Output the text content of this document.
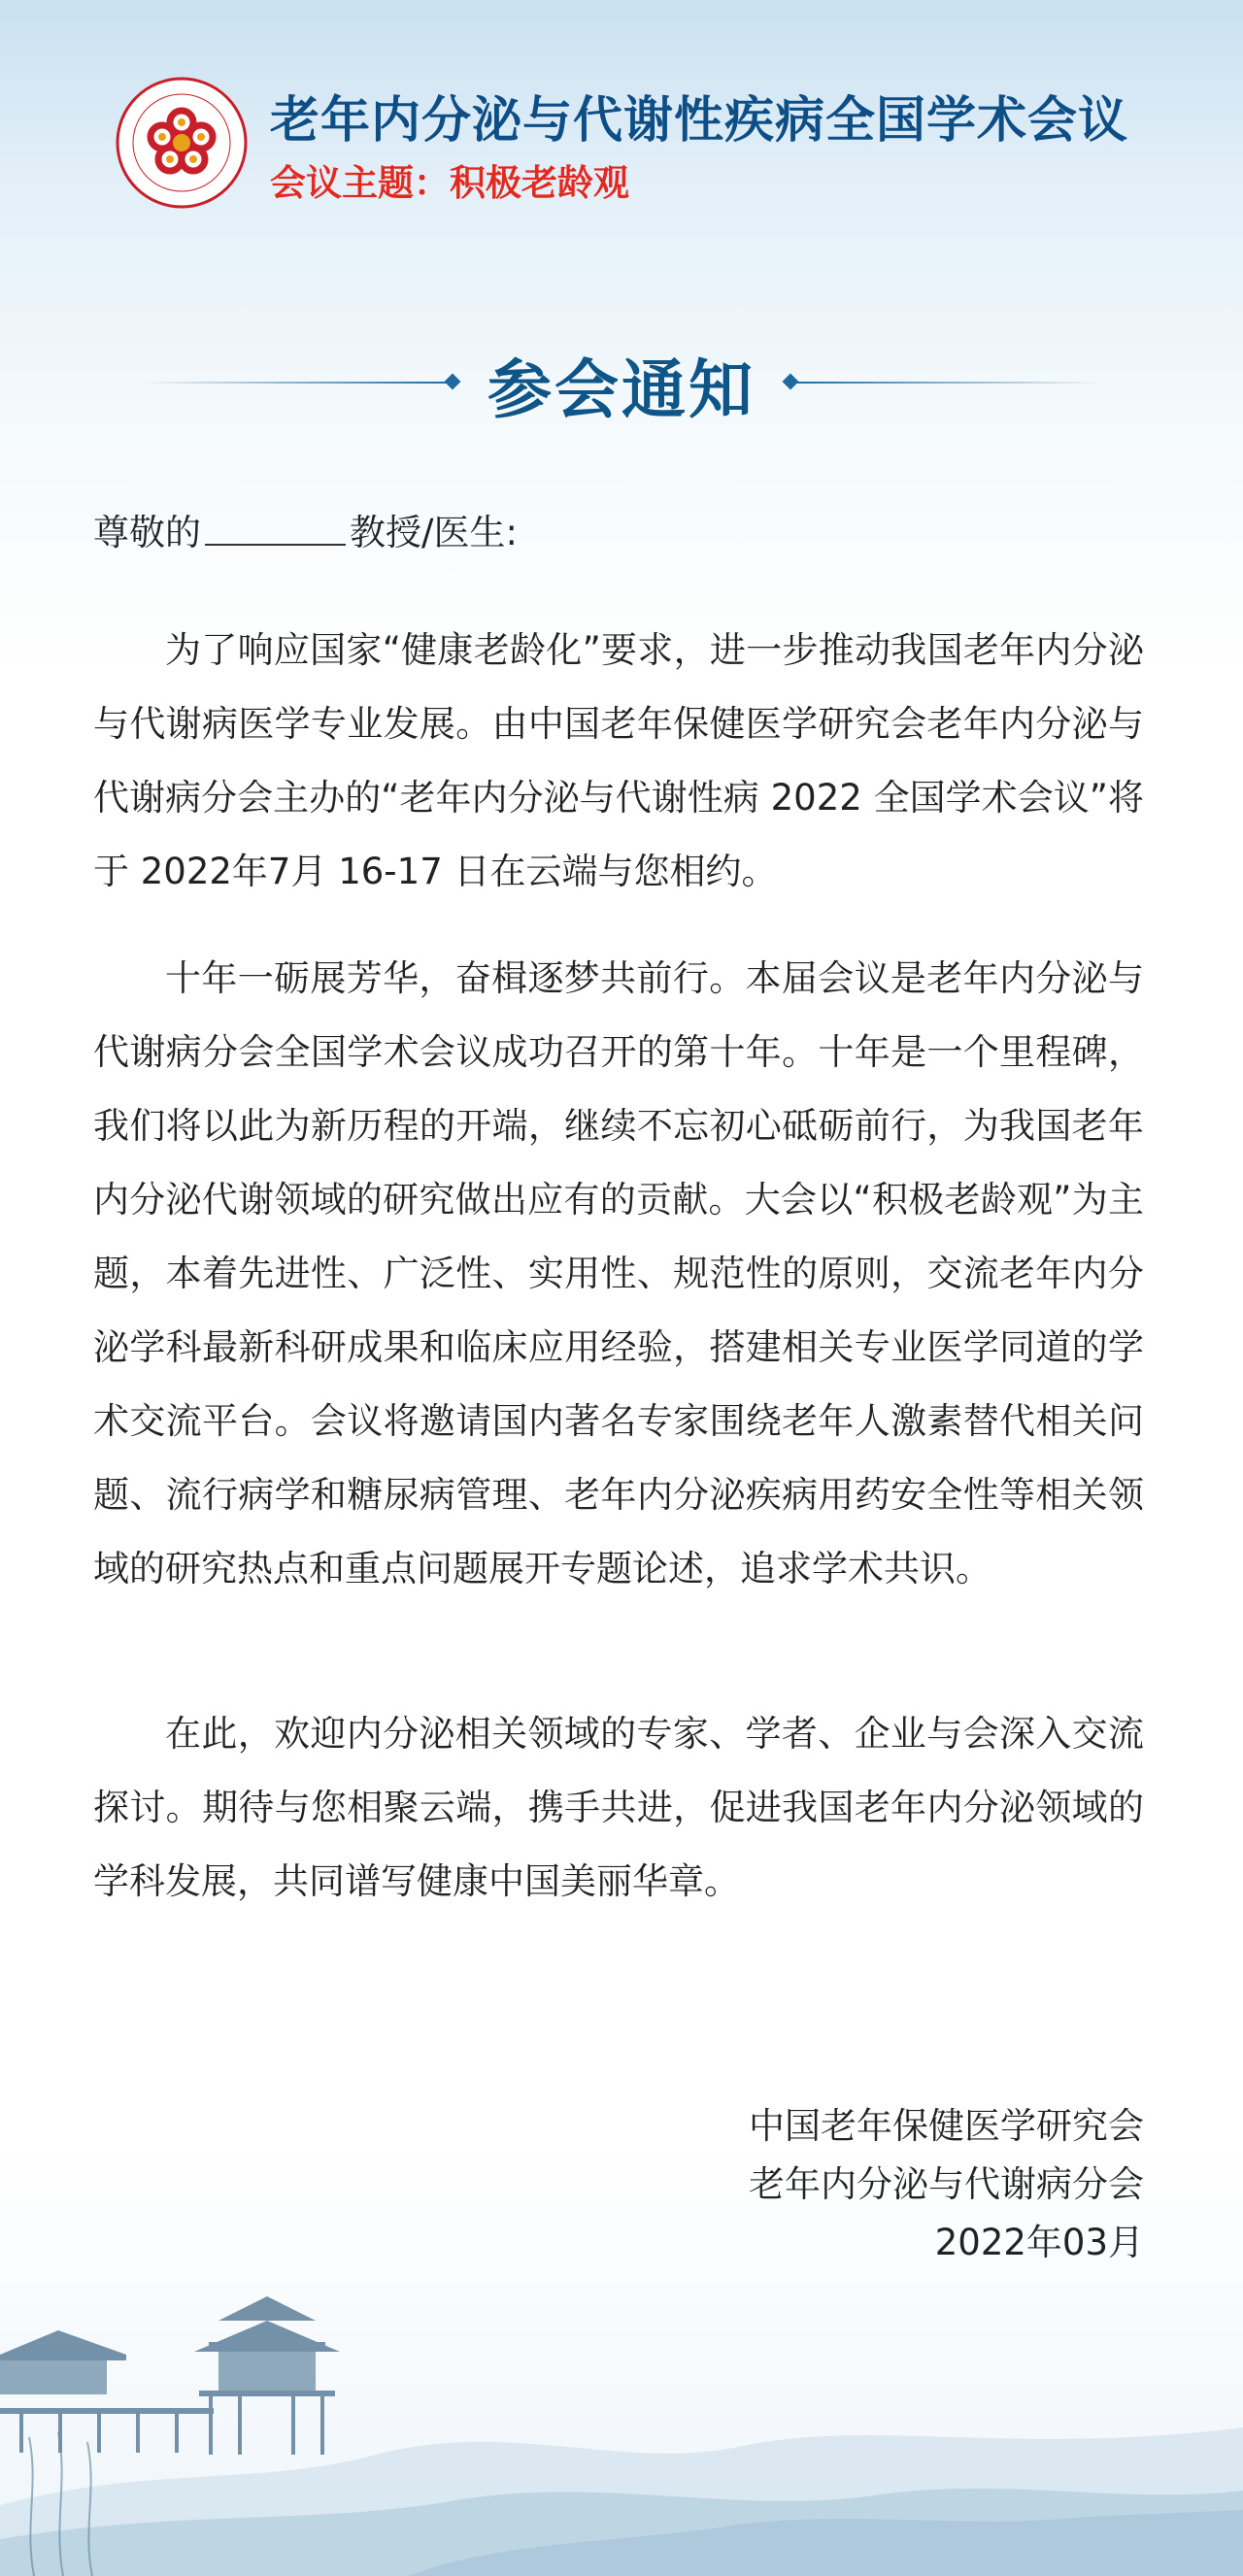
老年内分泌与代谢性疾病全国学术会议
会议主题：积极老龄观
参会通知
尊敬的	教授/医生:

为了响应国家“健康老龄化”要求，进一步推动我国老年内分泌与代谢病医学专业发展。由中国老年保健医学研究会老年内分泌与代谢病分会主办的“老年内分泌与代谢性病 2022 全国学术会议”将于 2022年7月 16-17 日在云端与您相约。

十年一砺展芳华，奋楫逐梦共前行。本届会议是老年内分泌与代谢病分会全国学术会议成功召开的第十年。十年是一个里程碑，我们将以此为新历程的开端，继续不忘初心砥砺前行，为我国老年内分泌代谢领域的研究做出应有的贡献。大会以“积极老龄观”为主题，本着先进性、广泛性、实用性、规范性的原则，交流老年内分泌学科最新科研成果和临床应用经验，搭建相关专业医学同道的学术交流平台。会议将邀请国内著名专家围绕老年人激素替代相关问题、流行病学和糖尿病管理、老年内分泌疾病用药安全性等相关领域的研究热点和重点问题展开专题论述，追求学术共识。

在此，欢迎内分泌相关领域的专家、学者、企业与会深入交流探讨。期待与您相聚云端，携手共进，促进我国老年内分泌领域的学科发展，共同谱写健康中国美丽华章。

中国老年保健医学研究会
老年内分泌与代谢病分会
2022年03月
